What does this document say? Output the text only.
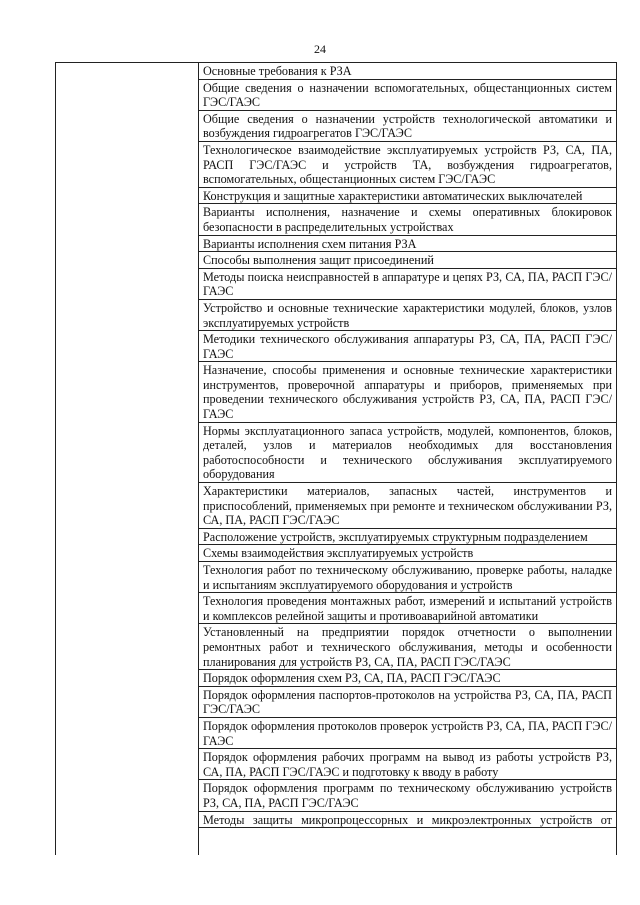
24
Основные требования к РЗА
Общие сведения о назначении вспомогательных, общестанционных систем ГЭС/ГАЭС
Общие сведения о назначении устройств технологической автоматики и возбуждения гидроагрегатов ГЭС/ГАЭС
Технологическое взаимодействие эксплуатируемых устройств РЗ, СА, ПА, РАСП ГЭС/ГАЭС и устройств ТА, возбуждения гидроагрегатов, вспомогательных, общестанционных систем ГЭС/ГАЭС
Конструкция и защитные характеристики автоматических выключателей
Варианты исполнения, назначение и схемы оперативных блокировок безопасности в распределительных устройствах
Варианты исполнения схем питания РЗА
Способы выполнения защит присоединений
Методы поиска неисправностей в аппаратуре и цепях РЗ, СА, ПА, РАСП ГЭС/ГАЭС
Устройство и основные технические характеристики модулей, блоков, узлов эксплуатируемых устройств
Методики технического обслуживания аппаратуры РЗ, СА, ПА, РАСП ГЭС/ГАЭС
Назначение, способы применения и основные технические характеристики инструментов, проверочной аппаратуры и приборов, применяемых при проведении технического обслуживания устройств РЗ, СА, ПА, РАСП ГЭС/ГАЭС
Нормы эксплуатационного запаса устройств, модулей, компонентов, блоков, деталей, узлов и материалов необходимых для восстановления работоспособности и технического обслуживания эксплуатируемого оборудования
Характеристики материалов, запасных частей, инструментов и приспособлений, применяемых при ремонте и техническом обслуживании РЗ, СА, ПА, РАСП ГЭС/ГАЭС
Расположение устройств, эксплуатируемых структурным подразделением
Схемы взаимодействия эксплуатируемых устройств
Технология работ по техническому обслуживанию, проверке работы, наладке и испытаниям эксплуатируемого оборудования и устройств
Технология проведения монтажных работ, измерений и испытаний устройств и комплексов релейной защиты и противоаварийной автоматики
Установленный на предприятии порядок отчетности о выполнении ремонтных работ и технического обслуживания, методы и особенности планирования для устройств РЗ, СА, ПА, РАСП ГЭС/ГАЭС
Порядок оформления схем РЗ, СА, ПА, РАСП ГЭС/ГАЭС
Порядок оформления паспортов-протоколов на устройства РЗ, СА, ПА, РАСП ГЭС/ГАЭС
Порядок оформления протоколов проверок устройств РЗ, СА, ПА, РАСП ГЭС/ГАЭС
Порядок оформления рабочих программ на вывод из работы устройств РЗ, СА, ПА, РАСП ГЭС/ГАЭС и подготовку к вводу в работу
Порядок оформления программ по техническому обслуживанию устройств РЗ, СА, ПА, РАСП ГЭС/ГАЭС
Методы защиты микропроцессорных и микроэлектронных устройств от
